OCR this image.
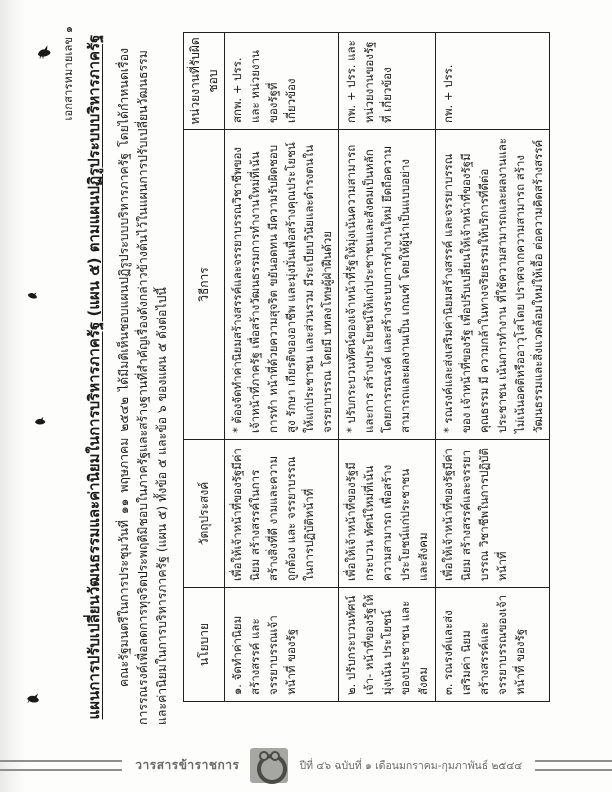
เอกสารหมายเลข ๑ แผนการปรับเปลี่ยนวัฒนธรรมและค่านิยมในการบริหารภาครัฐ (แผน ๕) ตามแผนปฏิรูประบบบริหารภาครัฐ คณะรัฐมนตรีในการประชุมวันที่ ๑๑ พฤษภาคม ๒๕๔๒ ได้มีมติเห็นชอบแผนปฏิรูประบบบริหารภาครัฐ โดยได้กำหนดเรื่องการรณรงค์เพื่อลดการทุจริตประพฤติมิชอบในภาครัฐและสร้างฐานที่สำคัญเรื่องดังกล่าวข้างต้นไว้ในแผนการปรับเปลี่ยนวัฒนธรรมและค่านิยมในการบริหารภาครัฐ (แผน ๕) ทั้งข้อ ๕ และข้อ ๖ ของแผน ๕ ดังต่อไปนี้ นโยบาย	วัตถุประสงค์	วิธีการ	หน่วยงานที่รับผิดชอบ
๑. จัดทำค่านิยมสร้างสรรค์ และจรรยาบรรณเจ้าหน้าที่ ของรัฐ	เพื่อให้เจ้าหน้าที่ของรัฐมีค่านิยม สร้างสรรค์ในการสร้างสิ่งที่ดี งามและความถูกต้อง และ จรรยาบรรณในการปฏิบัติหน้าที่	* ต้องจัดทำค่านิยมสร้างสรรค์และจรรยาบรรณวิชาชีพของ เจ้าหน้าที่ภาครัฐ เพื่อสร้างวัฒนธรรมการทำงานใหม่ที่เน้นการทำ หน้าที่ด้วยความสุจริต ขยันอดทน มีความรับผิดชอบสูง รักษา เกียรติของอาชีพ และมุ่งมั่นเพื่อสร้างคุณประโยชน์ให้แก่ประชาชน และส่วนรวม มีระเบียบวินัยและดำรงตนในจรรยาบรรณ โดยมี บทลงโทษผู้ฝ่าฝืนด้วย	สกพ. + ปรร. และ หน่วยงานของรัฐที่ เกี่ยวข้อง
๒. ปรับกระบวนทัศน์เจ้า- หน้าที่ของรัฐให้มุ่งเน้น ประโยชน์ของประชาชน และสังคม	เพื่อให้เจ้าหน้าที่ของรัฐมีกระบวน ทัศน์ใหม่ที่เน้นความสามารถ เพื่อสร้างประโยชน์แก่ประชาชน และสังคม	* ปรับกระบวนทัศน์ของเจ้าหน้าที่รัฐให้มุ่งเน้นความสามารถและการ สร้างประโยชน์ให้แก่ประชาชนและสังคมเป็นหลัก โดยการรณรงค์ และสร้างระบบการทำงานใหม่ ยึดถือความสามารถและผลงานเป็น เกณฑ์ โดยให้ผู้นำเป็นแบบอย่าง	กพ. + ปรร. และ หน่วยงานของรัฐที่ เกี่ยวข้อง
๓. รณรงค์และส่งเสริมค่า นิยม สร้างสรรค์และ จรรยาบรรณของเจ้าหน้าที่ ของรัฐ	เพื่อให้เจ้าหน้าที่ของรัฐมีค่านิยม สร้างสรรค์และจรรยาบรรณ วิชาชีพในการปฏิบัติหน้าที่	* รณรงค์และส่งเสริมค่านิยมสร้างสรรค์ และจรรยาบรรณของ เจ้าหน้าที่ของรัฐ เพื่อปรับเปลี่ยนให้เจ้าหน้าที่ของรัฐมีคุณธรรม มี ความกล้าในทางจริยธรรมให้บริการที่ดีต่อประชาชน เน้นการทำงาน ที่ใช้ความสามารถและผลงานและไม่เน้นอคติหรืออาวุโสโดย ปราศจากความสามารถ สร้างวัฒนธรรมและสิ่งแวดล้อมใหม่ให้เอื้อ ต่อความคิดสร้างสรรค์	กพ. + ปรร.
วารสารข้าราชการ	ปีที่ ๔๖ ฉบับที่ ๑ เดือนมกราคม-กุมภาพันธ์ ๒๕๔๔
